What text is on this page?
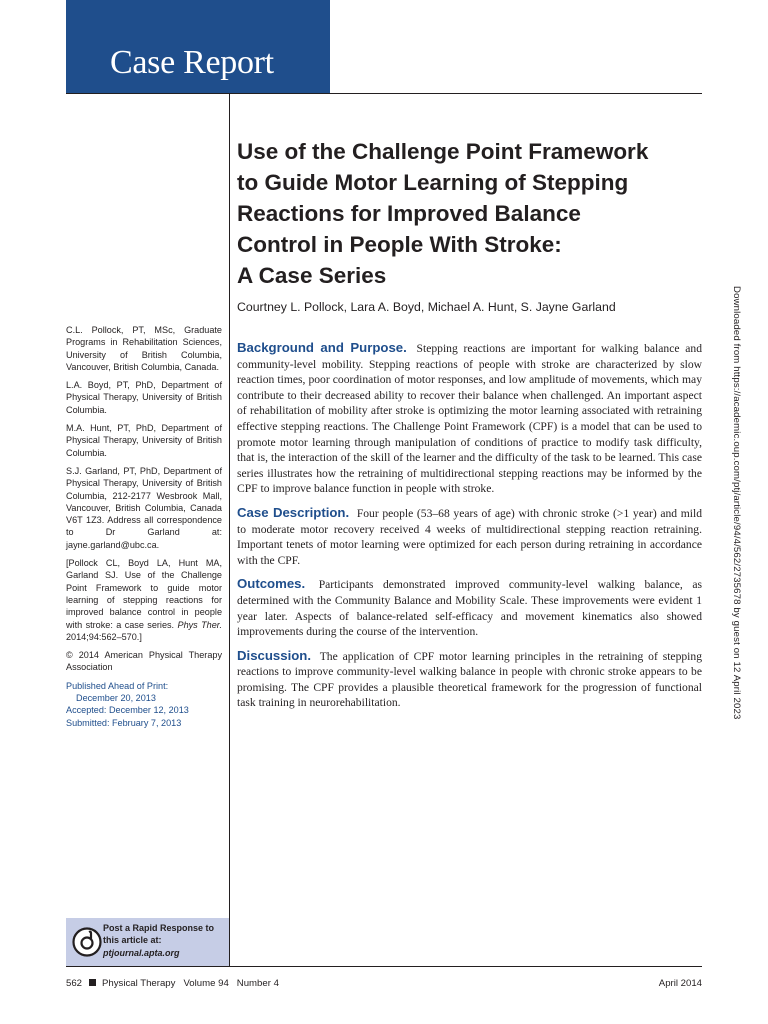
Case Report
Use of the Challenge Point Framework
to Guide Motor Learning of Stepping
Reactions for Improved Balance
Control in People With Stroke:
A Case Series
Courtney L. Pollock, Lara A. Boyd, Michael A. Hunt, S. Jayne Garland

C.L. Pollock, PT, MSc, Graduate Programs in Rehabilitation Sciences, University of British Columbia, Vancouver, British Columbia, Canada.

L.A. Boyd, PT, PhD, Department of Physical Therapy, University of British Columbia.

M.A. Hunt, PT, PhD, Department of Physical Therapy, University of British Columbia.

S.J. Garland, PT, PhD, Department of Physical Therapy, University of British Columbia, 212-2177 Wesbrook Mall, Vancouver, British Columbia, Canada V6T 1Z3. Address all correspondence to Dr Garland at: jayne.garland@ubc.ca.

[Pollock CL, Boyd LA, Hunt MA, Garland SJ. Use of the Challenge Point Framework to guide motor learning of stepping reactions for improved balance control in people with stroke: a case series. Phys Ther. 2014;94:562–570.]

© 2014 American Physical Therapy Association

Published Ahead of Print:
December 20, 2013
Accepted: December 12, 2013
Submitted: February 7, 2013

Background and Purpose. Stepping reactions are important for walking balance and community-level mobility. Stepping reactions of people with stroke are characterized by slow reaction times, poor coordination of motor responses, and low amplitude of movements, which may contribute to their decreased ability to recover their balance when challenged. An important aspect of rehabilitation of mobility after stroke is optimizing the motor learning associated with retraining effective stepping reactions. The Challenge Point Framework (CPF) is a model that can be used to promote motor learning through manipulation of conditions of practice to modify task difficulty, that is, the interaction of the skill of the learner and the difficulty of the task to be learned. This case series illustrates how the retraining of multidirectional stepping reactions may be informed by the CPF to improve balance function in people with stroke.

Case Description. Four people (53–68 years of age) with chronic stroke (>1 year) and mild to moderate motor recovery received 4 weeks of multidirectional stepping reaction retraining. Important tenets of motor learning were optimized for each person during retraining in accordance with the CPF.

Outcomes. Participants demonstrated improved community-level walking balance, as determined with the Community Balance and Mobility Scale. These improvements were evident 1 year later. Aspects of balance-related self-efficacy and movement kinematics also showed improvements during the course of the intervention.

Discussion. The application of CPF motor learning principles in the retraining of stepping reactions to improve community-level walking balance in people with chronic stroke appears to be promising. The CPF provides a plausible theoretical framework for the progression of functional task training in neurorehabilitation.

Post a Rapid Response to
this article at:
ptjournal.apta.org
562 Physical Therapy Volume 94 Number 4	April 2014
Downloaded from https://academic.oup.com/ptj/article/94/4/562/2735678 by guest on 12 April 2023
